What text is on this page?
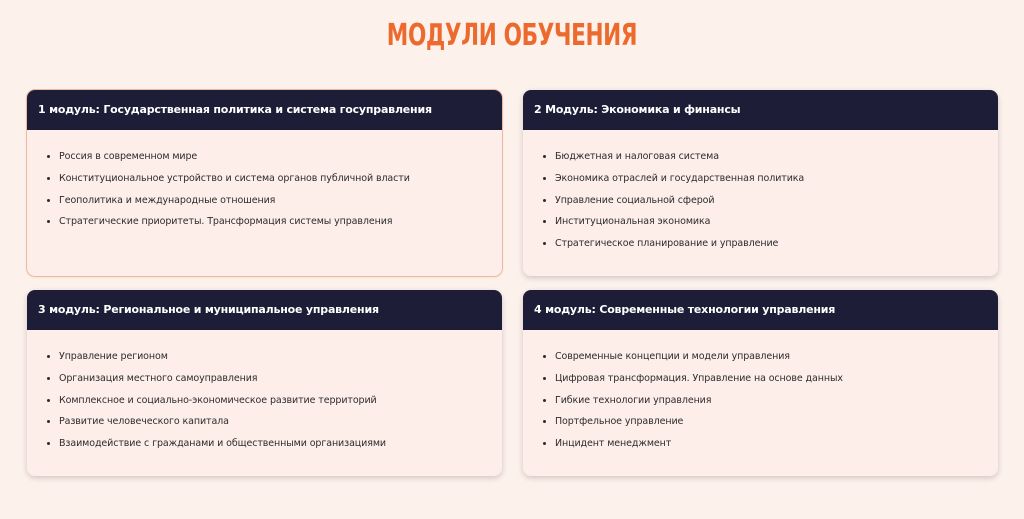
МОДУЛИ ОБУЧЕНИЯ
1 модуль: Государственная политика и система госуправления
Россия в современном мире
Конституциональное устройство и система органов публичной власти
Геополитика и международные отношения
Стратегические приоритеты. Трансформация системы управления
2 Модуль: Экономика и финансы
Бюджетная и налоговая система
Экономика отраслей и государственная политика
Управление социальной сферой
Институциональная экономика
Стратегическое планирование и управление
3 модуль: Региональное и муниципальное управления
Управление регионом
Организация местного самоуправления
Комплексное и социально-экономическое развитие территорий
Развитие человеческого капитала
Взаимодействие с гражданами и общественными организациями
4 модуль: Современные технологии управления
Современные концепции и модели управления
Цифровая трансформация. Управление на основе данных
Гибкие технологии управления
Портфельное управление
Инцидент менеджмент
